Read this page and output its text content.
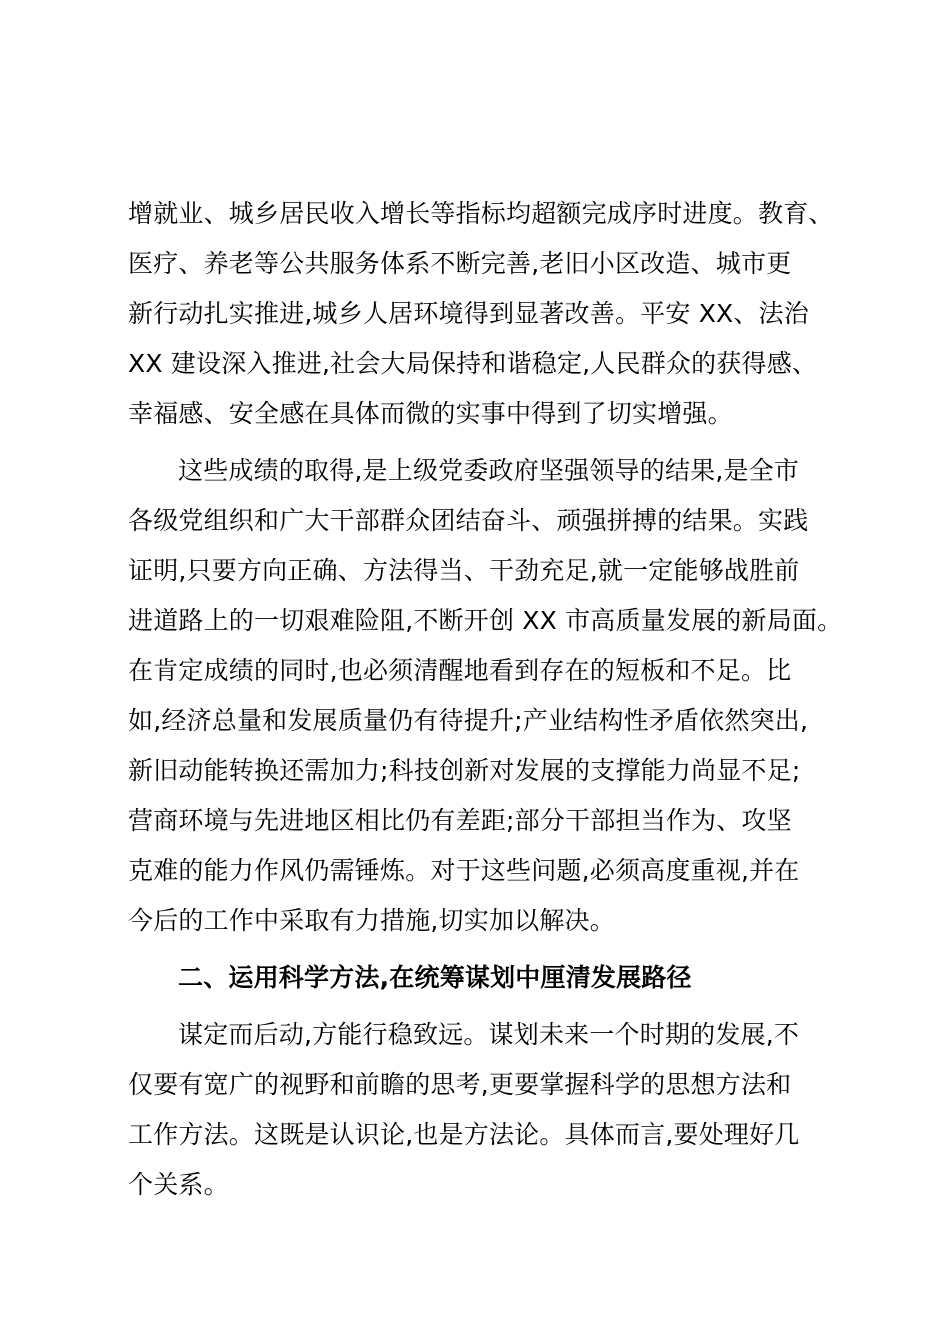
增就业、城乡居民收入增长等指标均超额完成序时进度。教育、
医疗、养老等公共服务体系不断完善,老旧小区改造、城市更
新行动扎实推进,城乡人居环境得到显著改善。平安 XX、法治
XX 建设深入推进,社会大局保持和谐稳定,人民群众的获得感、
幸福感、安全感在具体而微的实事中得到了切实增强。
这些成绩的取得,是上级党委政府坚强领导的结果,是全市
各级党组织和广大干部群众团结奋斗、顽强拼搏的结果。实践
证明,只要方向正确、方法得当、干劲充足,就一定能够战胜前
进道路上的一切艰难险阻,不断开创 XX 市高质量发展的新局面。
在肯定成绩的同时,也必须清醒地看到存在的短板和不足。比
如,经济总量和发展质量仍有待提升;产业结构性矛盾依然突出,
新旧动能转换还需加力;科技创新对发展的支撑能力尚显不足;
营商环境与先进地区相比仍有差距;部分干部担当作为、攻坚
克难的能力作风仍需锤炼。对于这些问题,必须高度重视,并在
今后的工作中采取有力措施,切实加以解决。
二、运用科学方法,在统筹谋划中厘清发展路径
谋定而后动,方能行稳致远。谋划未来一个时期的发展,不
仅要有宽广的视野和前瞻的思考,更要掌握科学的思想方法和
工作方法。这既是认识论,也是方法论。具体而言,要处理好几
个关系。
